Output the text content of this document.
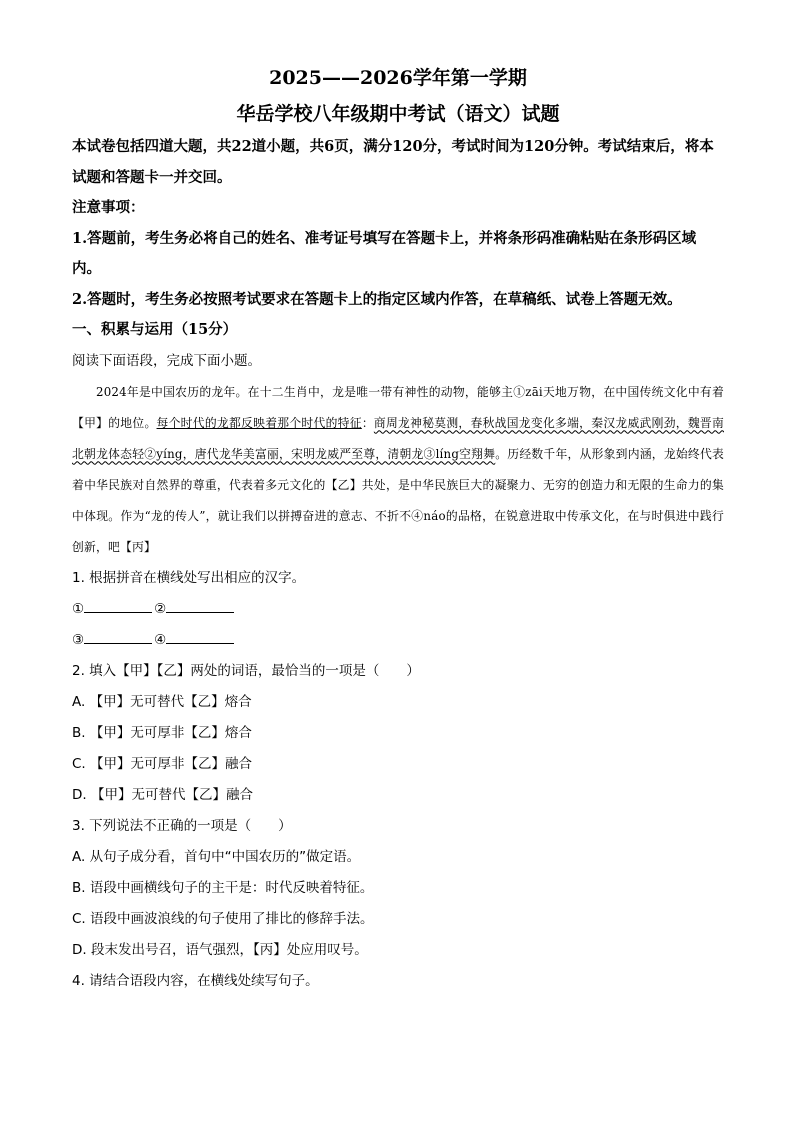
2025——2026学年第一学期

华岳学校八年级期中考试（语文）试题

本试卷包括四道大题，共22道小题，共6页，满分120分，考试时间为120分钟。考试结束后，将本试题和答题卡一并交回。

注意事项：

1.答题前，考生务必将自己的姓名、准考证号填写在答题卡上，并将条形码准确粘贴在条形码区域内。

2.答题时，考生务必按照考试要求在答题卡上的指定区域内作答，在草稿纸、试卷上答题无效。

一、积累与运用（15分）

阅读下面语段，完成下面小题。

2024年是中国农历的龙年。在十二生肖中，龙是唯一带有神性的动物，能够主①zāi天地万物，在中国传统文化中有着【甲】的地位。每个时代的龙都反映着那个时代的特征：商周龙神秘莫测，春秋战国龙变化多端，秦汉龙威武刚劲，魏晋南北朝龙体态轻②yíng，唐代龙华美富丽，宋明龙威严至尊，清朝龙③líng空翔舞。历经数千年，从形象到内涵，龙始终代表着中华民族对自然界的尊重，代表着多元文化的【乙】共处，是中华民族巨大的凝聚力、无穷的创造力和无限的生命力的集中体现。作为“龙的传人”，就让我们以拼搏奋进的意志、不折不④náo的品格，在锐意进取中传承文化，在与时俱进中践行创新，吧【丙】

1. 根据拼音在横线处写出相应的汉字。

①	②

③	④

2. 填入【甲】【乙】两处的词语，最恰当的一项是（　　）

A. 【甲】无可替代【乙】熔合

B. 【甲】无可厚非【乙】熔合

C. 【甲】无可厚非【乙】融合

D. 【甲】无可替代【乙】融合

3. 下列说法不正确的一项是（　　）

A. 从句子成分看，首句中“中国农历的”做定语。

B. 语段中画横线句子的主干是：时代反映着特征。

C. 语段中画波浪线的句子使用了排比的修辞手法。

D. 段末发出号召，语气强烈，【丙】处应用叹号。

4. 请结合语段内容，在横线处续写句子。
